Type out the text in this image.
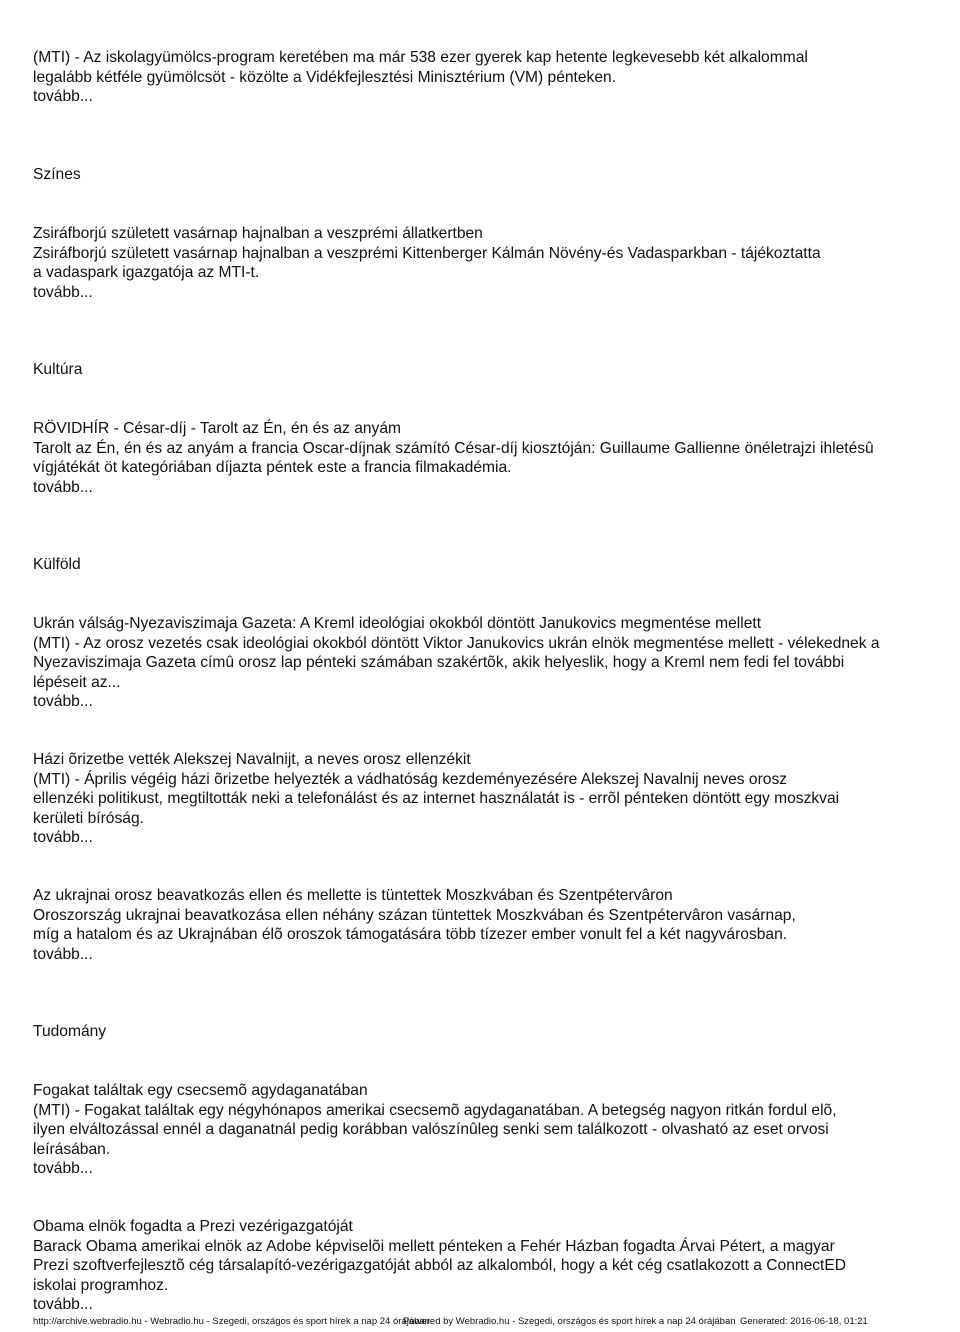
(MTI) - Az iskolagyümölcs-program keretében ma már 538 ezer gyerek kap hetente legkevesebb két alkalommal
legalább kétféle gyümölcsöt - közölte a Vidékfejlesztési Minisztérium (VM) pénteken.
tovább...
Színes
Zsiráfborjú született vasárnap hajnalban a veszprémi állatkertben
Zsiráfborjú született vasárnap hajnalban a veszprémi Kittenberger Kálmán Növény-és Vadasparkban - tájékoztatta
a vadaspark igazgatója az MTI-t.
tovább...
Kultúra
RÖVIDHÍR - César-díj - Tarolt az Én, én és az anyám
Tarolt az Én, én és az anyám a francia Oscar-díjnak számító César-díj kiosztóján: Guillaume Gallienne önéletrajzi ihletésû
vígjátékát öt kategóriában díjazta péntek este a francia filmakadémia.
tovább...
Külföld
Ukrán válság-Nyezaviszimaja Gazeta: A Kreml ideológiai okokból döntött Janukovics megmentése mellett
(MTI) - Az orosz vezetés csak ideológiai okokból döntött Viktor Janukovics ukrán elnök megmentése mellett - vélekednek a
Nyezaviszimaja Gazeta címû orosz lap pénteki számában szakértõk, akik helyeslik, hogy a Kreml nem fedi fel további
lépéseit az...
tovább...
Házi õrizetbe vették Alekszej Navalnijt, a neves orosz ellenzékit
(MTI) - Április végéig házi õrizetbe helyezték a vádhatóság kezdeményezésére Alekszej Navalnij neves orosz
ellenzéki politikust, megtiltották neki a telefonálást és az internet használatát is - errõl pénteken döntött egy moszkvai
kerületi bíróság.
tovább...
Az ukrajnai orosz beavatkozás ellen és mellette is tüntettek Moszkvában és Szentpétervâron
Oroszország ukrajnai beavatkozása ellen néhány százan tüntettek Moszkvában és Szentpétervâron vasárnap,
míg a hatalom és az Ukrajnában élõ oroszok támogatására több tízezer ember vonult fel a két nagyvárosban.
tovább...
Tudomány
Fogakat találtak egy csecsemõ agydaganatában
(MTI) - Fogakat találtak egy négyhónapos amerikai csecsemõ agydaganatában. A betegség nagyon ritkán fordul elõ,
ilyen elváltozással ennél a daganatnál pedig korábban valószínûleg senki sem találkozott - olvasható az eset orvosi
leírásában.
tovább...
Obama elnök fogadta a Prezi vezérigazgatóját
Barack Obama amerikai elnök az Adobe képviselõi mellett pénteken a Fehér Házban fogadta Árvai Pétert, a magyar
Prezi szoftverfejlesztõ cég társalapító-vezérigazgatóját abból az alkalomból, hogy a két cég csatlakozott a ConnectED
iskolai programhoz.
tovább...
http://archive.webradio.hu - Webradio.hu - Szegedi, országos és sport hírek a nap 24 órájában
Powered by Webradio.hu - Szegedi, országos és sport hírek a nap 24 órájában Generated: 2016-06-18, 01:21
